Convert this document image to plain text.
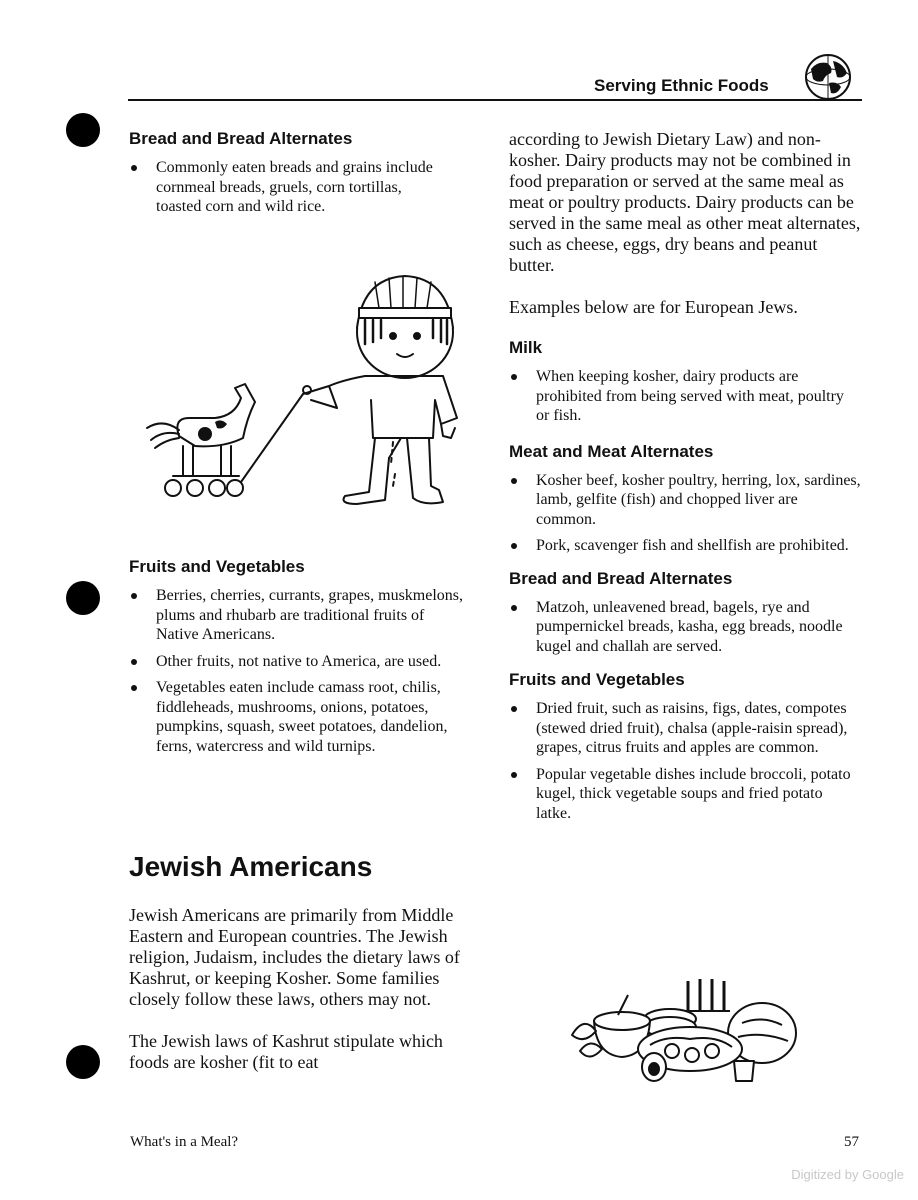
Serving Ethnic Foods
Bread and Bread Alternates
Commonly eaten breads and grains include cornmeal breads, gruels, corn tortillas, toasted corn and wild rice.
Fruits and Vegetables
Berries, cherries, currants, grapes, muskmelons, plums and rhubarb are traditional fruits of Native Americans.
Other fruits, not native to America, are used.
Vegetables eaten include camass root, chilis, fiddleheads, mushrooms, onions, potatoes, pumpkins, squash, sweet potatoes, dandelion, ferns, watercress and wild turnips.
Jewish Americans

Jewish Americans are primarily from Middle Eastern and European countries. The Jewish religion, Judaism, includes the dietary laws of Kashrut, or keeping Kosher. Some families closely follow these laws, others may not.

The Jewish laws of Kashrut stipulate which foods are kosher (fit to eat

according to Jewish Dietary Law) and non-kosher. Dairy products may not be combined in food preparation or served at the same meal as meat or poultry products. Dairy products can be served in the same meal as other meat alternates, such as cheese, eggs, dry beans and peanut butter.

Examples below are for European Jews.

Milk
When keeping kosher, dairy products are prohibited from being served with meat, poultry or fish.
Meat and Meat Alternates
Kosher beef, kosher poultry, herring, lox, sardines, lamb, gelfite (fish) and chopped liver are common.
Pork, scavenger fish and shellfish are prohibited.
Bread and Bread Alternates
Matzoh, unleavened bread, bagels, rye and pumpernickel breads, kasha, egg breads, noodle kugel and challah are served.
Fruits and Vegetables
Dried fruit, such as raisins, figs, dates, compotes (stewed dried fruit), chalsa (apple-raisin spread), grapes, citrus fruits and apples are common.
Popular vegetable dishes include broccoli, potato kugel, thick vegetable soups and fried potato latke.
What's in a Meal?	57
Digitized by Google
